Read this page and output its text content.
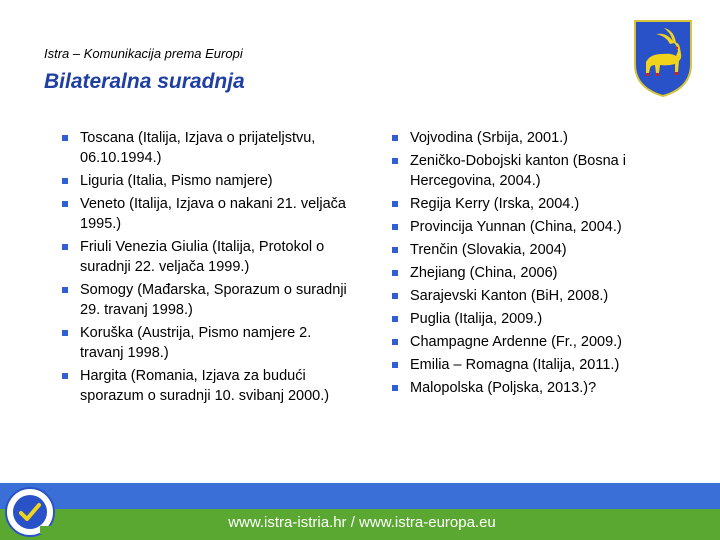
Istra – Komunikacija prema Europi
Bilateralna suradnja
Toscana (Italija, Izjava o prijateljstvu, 06.10.1994.)
Liguria (Italia, Pismo namjere)
Veneto (Italija, Izjava o nakani 21. veljača 1995.)
Friuli Venezia Giulia (Italija, Protokol o suradnji 22. veljača 1999.)
Somogy (Mađarska, Sporazum o suradnji 29. travanj 1998.)
Koruška (Austrija, Pismo namjere 2. travanj 1998.)
Hargita (Romania, Izjava za budući sporazum o suradnji 10. svibanj 2000.)
Vojvodina (Srbija, 2001.)
Zeničko-Dobojski kanton (Bosna i Hercegovina, 2004.)
Regija Kerry (Irska, 2004.)
Provincija Yunnan (China, 2004.)
Trenčin (Slovakia, 2004)
Zhejiang (China, 2006)
Sarajevski Kanton (BiH, 2008.)
Puglia (Italija, 2009.)
Champagne Ardenne (Fr., 2009.)
Emilia – Romagna (Italija, 2011.)
Malopolska (Poljska, 2013.)?
www.istra-istria.hr / www.istra-europa.eu
